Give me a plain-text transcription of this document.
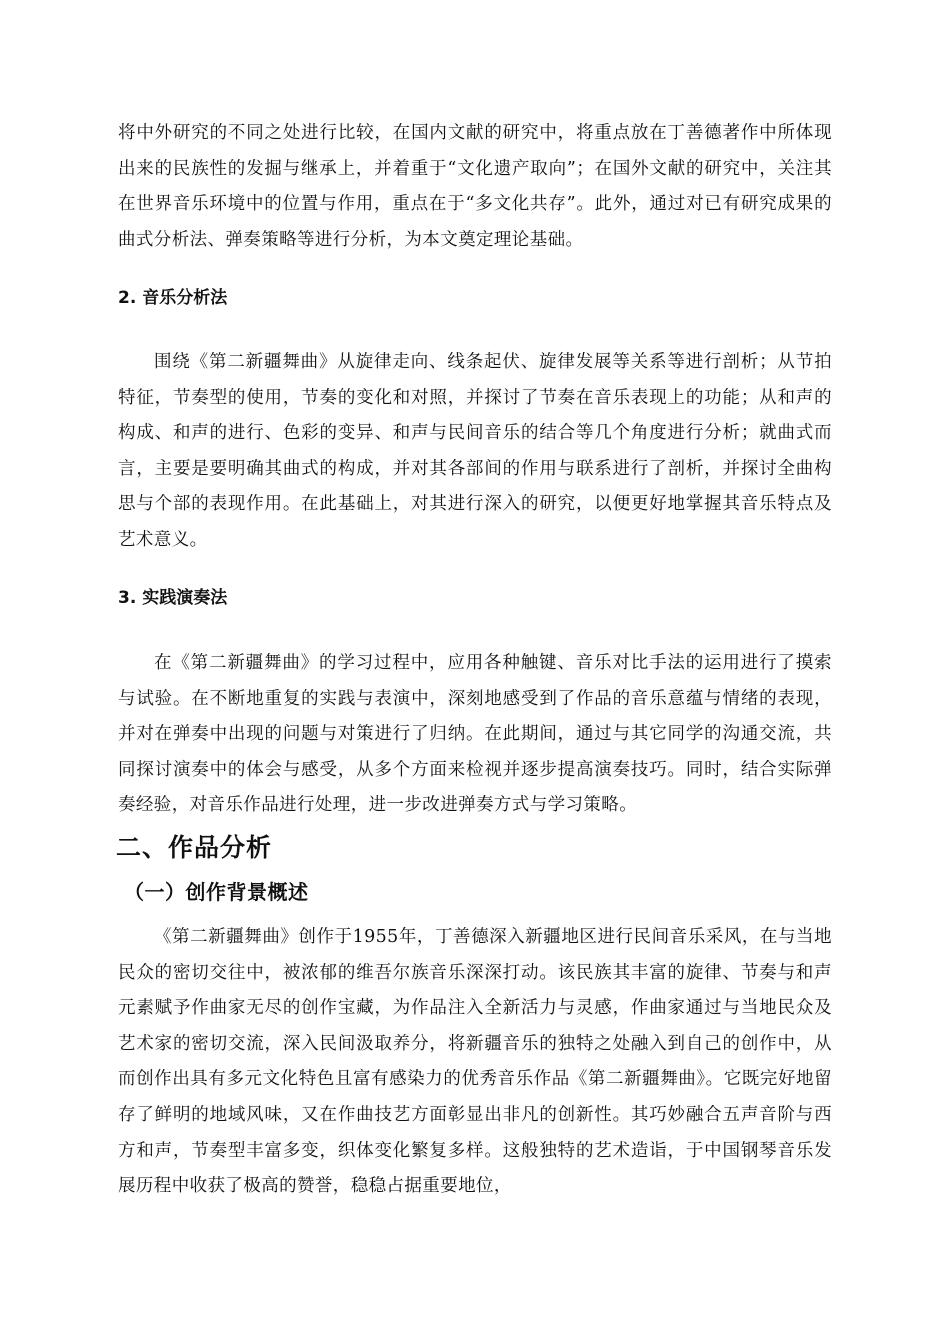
将中外研究的不同之处进行比较，在国内文献的研究中，将重点放在丁善德著作中所体现出来的民族性的发掘与继承上，并着重于“文化遗产取向”；在国外文献的研究中，关注其在世界音乐环境中的位置与作用，重点在于“多文化共存”。此外，通过对已有研究成果的曲式分析法、弹奏策略等进行分析，为本文奠定理论基础。

2. 音乐分析法

围绕《第二新疆舞曲》从旋律走向、线条起伏、旋律发展等关系等进行剖析；从节拍特征，节奏型的使用，节奏的变化和对照，并探讨了节奏在音乐表现上的功能；从和声的构成、和声的进行、色彩的变异、和声与民间音乐的结合等几个角度进行分析；就曲式而言，主要是要明确其曲式的构成，并对其各部间的作用与联系进行了剖析，并探讨全曲构思与个部的表现作用。在此基础上，对其进行深入的研究，以便更好地掌握其音乐特点及艺术意义。

3. 实践演奏法

在《第二新疆舞曲》的学习过程中，应用各种触键、音乐对比手法的运用进行了摸索与试验。在不断地重复的实践与表演中，深刻地感受到了作品的音乐意蕴与情绪的表现，并对在弹奏中出现的问题与对策进行了归纳。在此期间，通过与其它同学的沟通交流，共同探讨演奏中的体会与感受，从多个方面来检视并逐步提高演奏技巧。同时，结合实际弹奏经验，对音乐作品进行处理，进一步改进弹奏方式与学习策略。

二、作品分析
（一）创作背景概述

《第二新疆舞曲》创作于1955年，丁善德深入新疆地区进行民间音乐采风，在与当地民众的密切交往中，被浓郁的维吾尔族音乐深深打动。该民族其丰富的旋律、节奏与和声元素赋予作曲家无尽的创作宝藏，为作品注入全新活力与灵感，作曲家通过与当地民众及艺术家的密切交流，深入民间汲取养分，将新疆音乐的独特之处融入到自己的创作中，从而创作出具有多元文化特色且富有感染力的优秀音乐作品《第二新疆舞曲》。它既完好地留存了鲜明的地域风味，又在作曲技艺方面彰显出非凡的创新性。其巧妙融合五声音阶与西方和声，节奏型丰富多变，织体变化繁复多样。这般独特的艺术造诣，于中国钢琴音乐发展历程中收获了极高的赞誉，稳稳占据重要地位，
